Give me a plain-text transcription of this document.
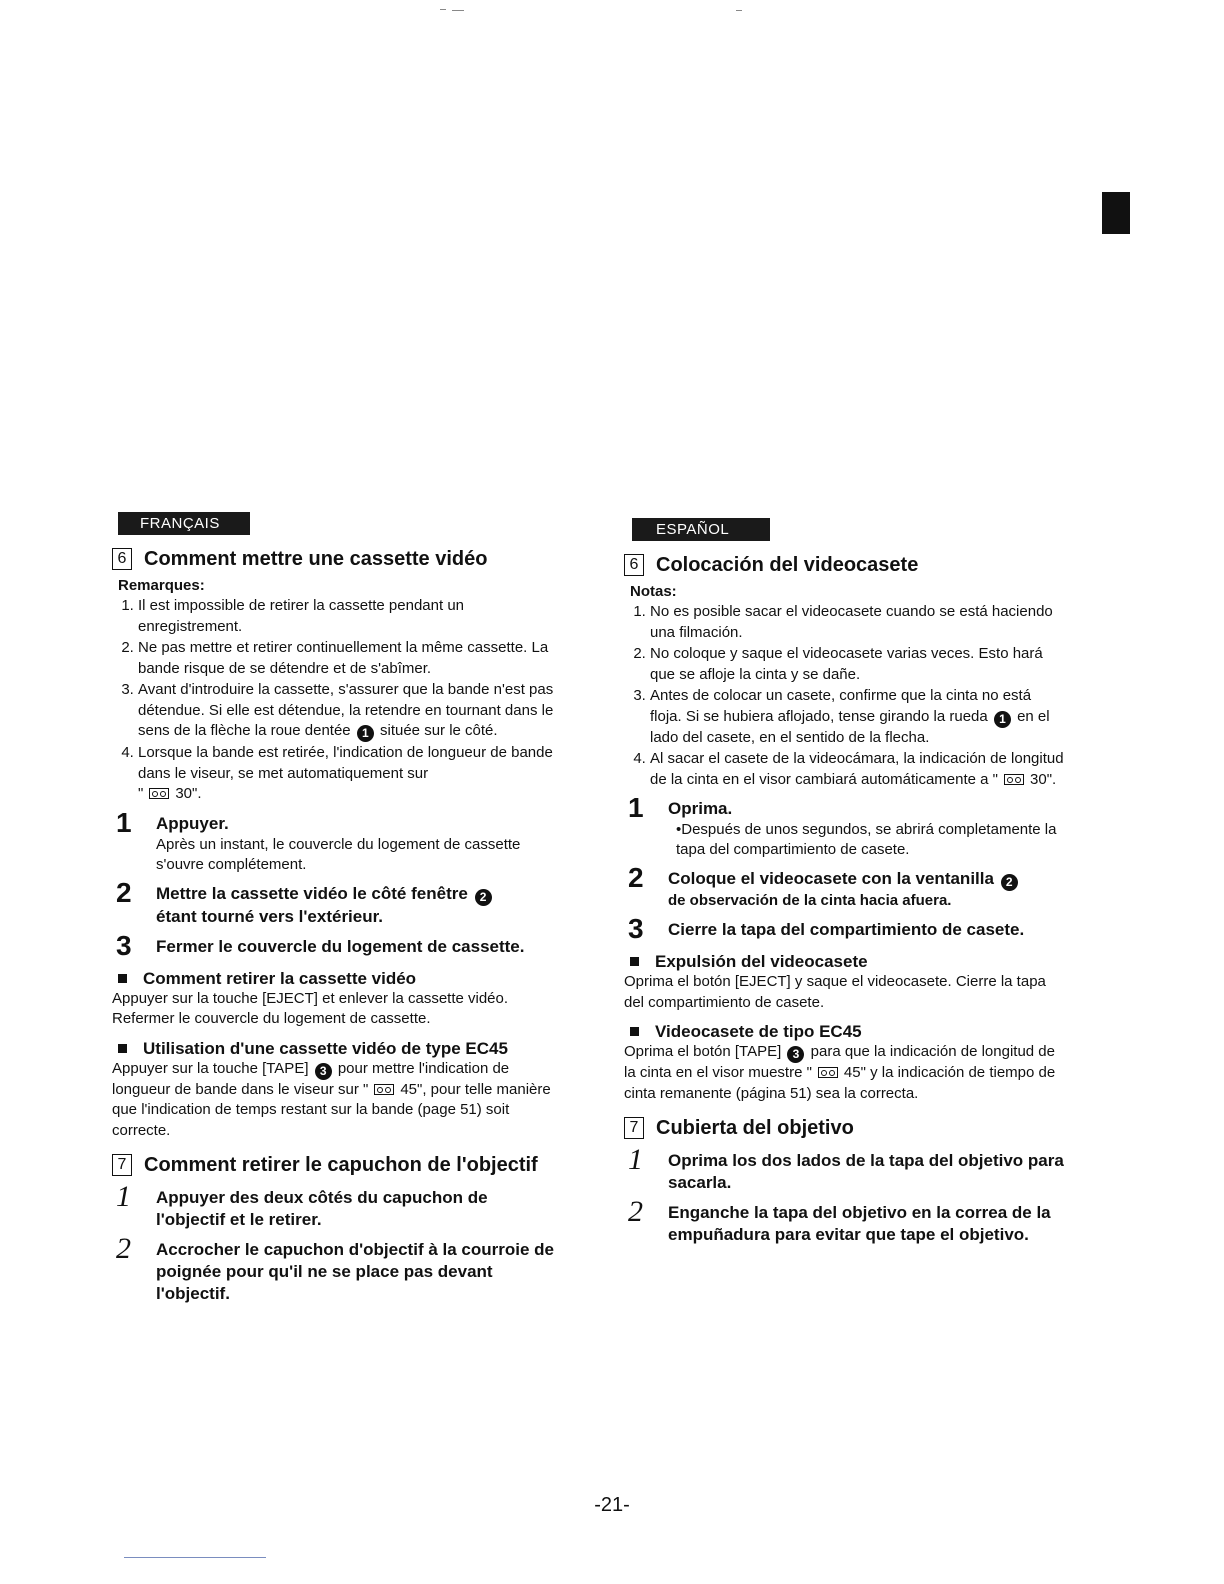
FRANÇAIS
6 Comment mettre une cassette vidéo
Remarques:
1. Il est impossible de retirer la cassette pendant un enregistrement.
2. Ne pas mettre et retirer continuellement la même cassette. La bande risque de se détendre et de s'abîmer.
3. Avant d'introduire la cassette, s'assurer que la bande n'est pas détendue. Si elle est détendue, la retendre en tournant dans le sens de la flèche la roue dentée 1 située sur le côté.
4. Lorsque la bande est retirée, l'indication de longueur de bande dans le viseur, se met automatiquement sur
" 30".
1	Appuyer.
Après un instant, le couvercle du logement de cassette s'ouvre complétement.
2	Mettre la cassette vidéo le côté fenêtre 2
étant tourné vers l'extérieur.
3	Fermer le couvercle du logement de cassette.
Comment retirer la cassette vidéo
Appuyer sur la touche [EJECT] et enlever la cassette vidéo. Refermer le couvercle du logement de cassette.
Utilisation d'une cassette vidéo de type EC45
Appuyer sur la touche [TAPE] 3 pour mettre l'indication de longueur de bande dans le viseur sur " 45", pour telle manière que l'indication de temps restant sur la bande (page 51) soit correcte.
7 Comment retirer le capuchon de l'objectif
1	Appuyer des deux côtés du capuchon de l'objectif et le retirer.
2	Accrocher le capuchon d'objectif à la courroie de poignée pour qu'il ne se place pas devant l'objectif.
ESPAÑOL
6 Colocación del videocasete
Notas:
1. No es posible sacar el videocasete cuando se está haciendo una filmación.
2. No coloque y saque el videocasete varias veces. Esto hará que se afloje la cinta y se dañe.
3. Antes de colocar un casete, confirme que la cinta no está floja. Si se hubiera aflojado, tense girando la rueda 1 en el lado del casete, en el sentido de la flecha.
4. Al sacar el casete de la videocámara, la indicación de longitud de la cinta en el visor cambiará automáticamente a " 30".
1	Oprima.
•Después de unos segundos, se abrirá completamente la tapa del compartimiento de casete.
2	Coloque el videocasete con la ventanilla 2
de observación de la cinta hacia afuera.
3	Cierre la tapa del compartimiento de casete.
Expulsión del videocasete
Oprima el botón [EJECT] y saque el videocasete. Cierre la tapa del compartimiento de casete.
Videocasete de tipo EC45
Oprima el botón [TAPE] 3 para que la indicación de longitud de la cinta en el visor muestre " 45" y la indicación de tiempo de cinta remanente (página 51) sea la correcta.
7 Cubierta del objetivo
1	Oprima los dos lados de la tapa del objetivo para sacarla.
2	Enganche la tapa del objetivo en la correa de la empuñadura para evitar que tape el objetivo.
-21-
